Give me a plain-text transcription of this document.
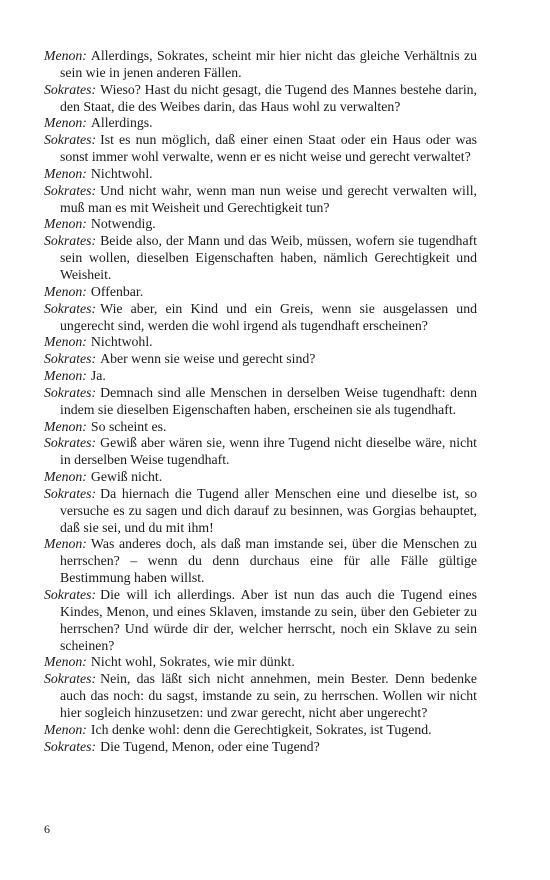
Menon: Allerdings, Sokrates, scheint mir hier nicht das gleiche Verhältnis zu sein wie in jenen anderen Fällen.

Sokrates: Wieso? Hast du nicht gesagt, die Tugend des Mannes bestehe darin, den Staat, die des Weibes darin, das Haus wohl zu verwalten?

Menon: Allerdings.

Sokrates: Ist es nun möglich, daß einer einen Staat oder ein Haus oder was sonst immer wohl verwalte, wenn er es nicht weise und gerecht verwaltet?

Menon: Nichtwohl.

Sokrates: Und nicht wahr, wenn man nun weise und gerecht verwalten will, muß man es mit Weisheit und Gerechtigkeit tun?

Menon: Notwendig.

Sokrates: Beide also, der Mann und das Weib, müssen, wofern sie tugendhaft sein wollen, dieselben Eigenschaften haben, nämlich Gerechtigkeit und Weisheit.

Menon: Offenbar.

Sokrates: Wie aber, ein Kind und ein Greis, wenn sie ausgelassen und ungerecht sind, werden die wohl irgend als tugendhaft erscheinen?

Menon: Nichtwohl.

Sokrates: Aber wenn sie weise und gerecht sind?

Menon: Ja.

Sokrates: Demnach sind alle Menschen in derselben Weise tugendhaft: denn indem sie dieselben Eigenschaften haben, erscheinen sie als tugendhaft.

Menon: So scheint es.

Sokrates: Gewiß aber wären sie, wenn ihre Tugend nicht dieselbe wäre, nicht in derselben Weise tugendhaft.

Menon: Gewiß nicht.

Sokrates: Da hiernach die Tugend aller Menschen eine und dieselbe ist, so versuche es zu sagen und dich darauf zu besinnen, was Gorgias behauptet, daß sie sei, und du mit ihm!

Menon: Was anderes doch, als daß man imstande sei, über die Menschen zu herrschen? – wenn du denn durchaus eine für alle Fälle gültige Bestimmung haben willst.

Sokrates: Die will ich allerdings. Aber ist nun das auch die Tugend eines Kindes, Menon, und eines Sklaven, imstande zu sein, über den Gebieter zu herrschen? Und würde dir der, welcher herrscht, noch ein Sklave zu sein scheinen?

Menon: Nicht wohl, Sokrates, wie mir dünkt.

Sokrates: Nein, das läßt sich nicht annehmen, mein Bester. Denn bedenke auch das noch: du sagst, imstande zu sein, zu herrschen. Wollen wir nicht hier sogleich hinzusetzen: und zwar gerecht, nicht aber ungerecht?

Menon: Ich denke wohl: denn die Gerechtigkeit, Sokrates, ist Tugend.

Sokrates: Die Tugend, Menon, oder eine Tugend?

6
